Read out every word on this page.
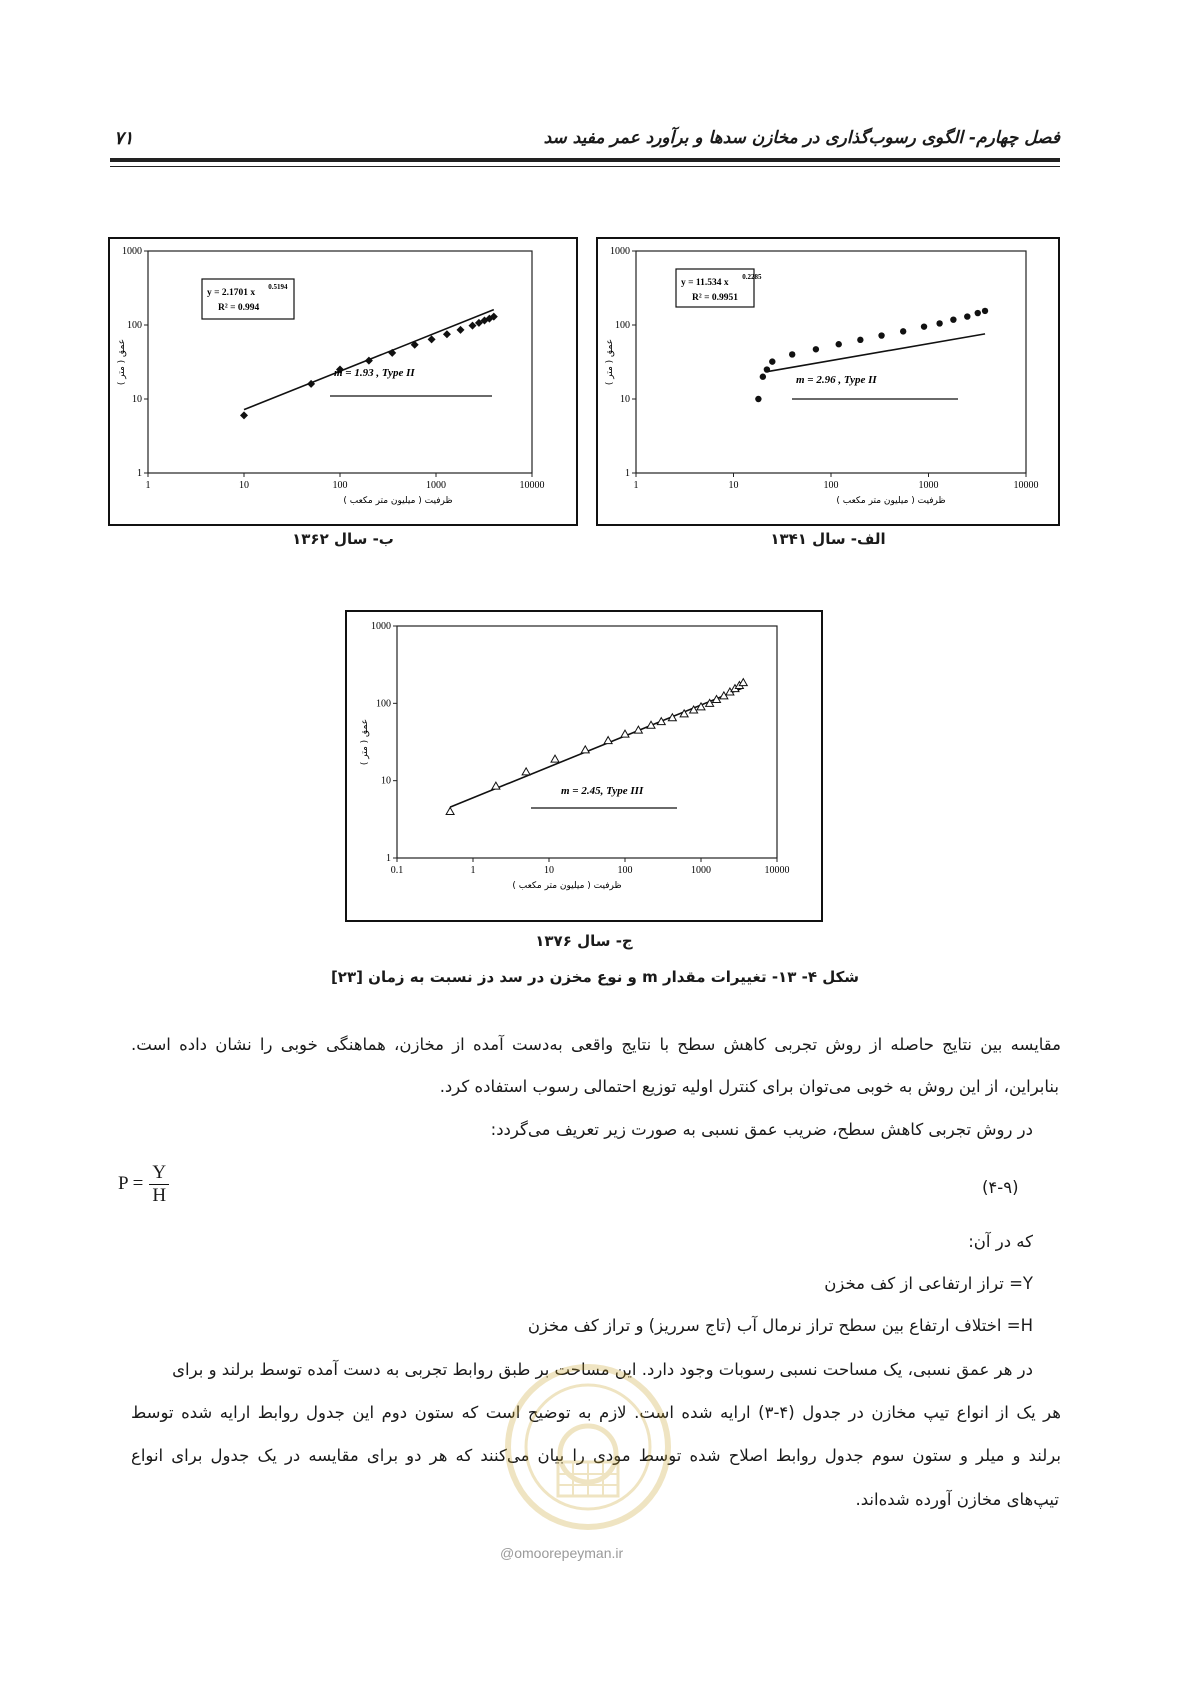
فصل چهارم- الگوی رسوب‌گذاری در مخازن سدها و برآورد عمر مفید سد
۷۱
1	10	100	1000	10000
1
10
100
1000
ظرفیت ( میلیون متر مکعب )
عمق ( متر )
y = 2.1701 x
0.5194
R² = 0.994
m = 1.93 , Type II
1	10	100	1000	10000
1
10
100
1000
ظرفیت ( میلیون متر مکعب )
عمق ( متر )
y = 11.534 x
0.2285
R² = 0.9951
m = 2.96 , Type II
0.1	1	10	100	1000	10000
1
10
100
1000
ظرفیت ( میلیون متر مکعب )
عمق ( متر )
m = 2.45, Type III
ب- سال ۱۳۶۲	الف- سال ۱۳۴۱
ج- سال ۱۳۷۶
شکل ۴- ۱۳- تغییرات مقدار m و نوع مخزن در سد دز نسبت به زمان [۲۳]
مقایسه بین نتایج حاصله از روش تجربی کاهش سطح با نتایج واقعی به‌دست آمده از مخازن، هماهنگی خوبی را نشان داده است.
بنابراین، از این روش به خوبی می‌توان برای کنترل اولیه توزیع احتمالی رسوب استفاده کرد.
در روش تجربی کاهش سطح، ضریب عمق نسبی به صورت زیر تعریف می‌گردد:
$P = \frac{Y}{H}$	(۴-۹)
که در آن:
Y= تراز ارتفاعی از کف مخزن
H= اختلاف ارتفاع بین سطح تراز نرمال آب (تاج سرریز) و تراز کف مخزن
در هر عمق نسبی، یک مساحت نسبی رسوبات وجود دارد. این مساحت بر طبق روابط تجربی به دست آمده توسط برلند و برای
هر یک از انواع تیپ مخازن در جدول (۴-۳) ارایه شده است. لازم به توضیح است که ستون دوم این جدول روابط ارایه شده توسط
برلند و میلر و ستون سوم جدول روابط اصلاح شده توسط مودی را بیان می‌کنند که هر دو برای مقایسه در یک جدول برای انواع
تیپ‌های مخازن آورده شده‌اند.
@omoorepeyman.ir
